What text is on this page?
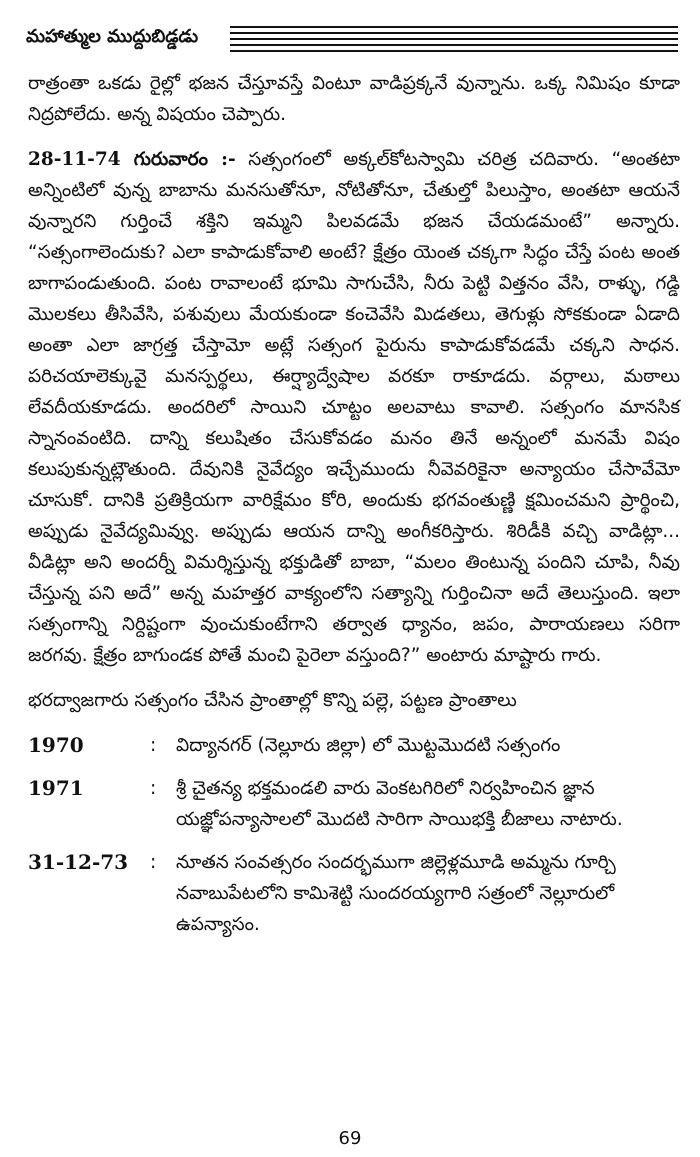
మహాత్ముల ముద్దుబిడ్డడు

రాత్రంతా ఒకడు రైల్లో భజన చేస్తూవస్తే వింటూ వాడిప్రక్కనే వున్నాను. ఒక్క నిమిషం కూడా నిద్రపోలేదు. అన్న విషయం చెప్పారు.

28-11-74 గురువారం :- సత్సంగంలో అక్కల్‌కోటస్వామి చరిత్ర చదివారు. “అంతటా అన్నింటిలో వున్న బాబాను మనసుతోనూ, నోటితోనూ, చేతుల్తో పిలుస్తాం, అంతటా ఆయనే వున్నారని గుర్తించే శక్తిని ఇమ్మని పిలవడమే భజన చేయడమంటే” అన్నారు. “సత్సంగాలెందుకు? ఎలా కాపాడుకోవాలి అంటే? క్షేత్రం యెంత చక్కగా సిద్ధం చేస్తే పంట అంత బాగాపండుతుంది. పంట రావాలంటే భూమి సాగుచేసి, నీరు పెట్టి విత్తనం వేసి, రాళ్ళు, గడ్డి మొలకలు తీసివేసి, పశువులు మేయకుండా కంచెవేసి మిడతలు, తెగుళ్లు సోకకుండా ఏడాది అంతా ఎలా జాగ్రత్త చేస్తామో అట్లే సత్సంగ పైరును కాపాడుకోవడమే చక్కని సాధన. పరిచయాలెక్కువై మనస్పర్థలు, ఈర్ష్యాద్వేషాల వరకూ రాకూడదు. వర్గాలు, మఠాలు లేవదీయకూడదు. అందరిలో సాయిని చూట్టం అలవాటు కావాలి. సత్సంగం మానసిక స్నానంవంటిది. దాన్ని కలుషితం చేసుకోవడం మనం తినే అన్నంలో మనమే విషం కలుపుకున్నట్లౌతుంది. దేవునికి నైవేద్యం ఇచ్చేముందు నీవెవరికైనా అన్యాయం చేసావేమో చూసుకో. దానికి ప్రతిక్రియగా వారిక్షేమం కోరి, అందుకు భగవంతుణ్ణి క్షమించమని ప్రార్థించి, అప్పుడు నైవేద్యమివ్వు. అప్పుడు ఆయన దాన్ని అంగీకరిస్తారు. శిరిడీకి వచ్చి వాడిట్లా... వీడిట్లా అని అందర్నీ విమర్శిస్తున్న భక్తుడితో బాబా, “మలం తింటున్న పందిని చూపి, నీవు చేస్తున్న పని అదే” అన్న మహత్తర వాక్యంలోని సత్యాన్ని గుర్తించినా అదే తెలుస్తుంది. ఇలా సత్సంగాన్ని నిర్దిష్టంగా వుంచుకుంటేగాని తర్వాత ధ్యానం, జపం, పారాయణలు సరిగా జరగవు. క్షేత్రం బాగుండక పోతే మంచి పైరెలా వస్తుంది?” అంటారు మాష్టారు గారు.

భరద్వాజగారు సత్సంగం చేసిన ప్రాంతాల్లో కొన్ని పల్లె, పట్టణ ప్రాంతాలు

1970	: విద్యానగర్ (నెల్లూరు జిల్లా) లో మొట్టమొదటి సత్సంగం
1971	: శ్రీ చైతన్య భక్తమండలి వారు వెంకటగిరిలో నిర్వహించిన జ్ఞాన యజ్ఞోపన్యాసాలలో మొదటి సారిగా సాయిభక్తి బీజాలు నాటారు.
31-12-73 : నూతన సంవత్సరం సందర్భముగా జిల్లెళ్లమూడి అమ్మను గూర్చి నవాబుపేటలోని కామిశెట్టి సుందరయ్యగారి సత్రంలో నెల్లూరులో ఉపన్యాసం.
69
